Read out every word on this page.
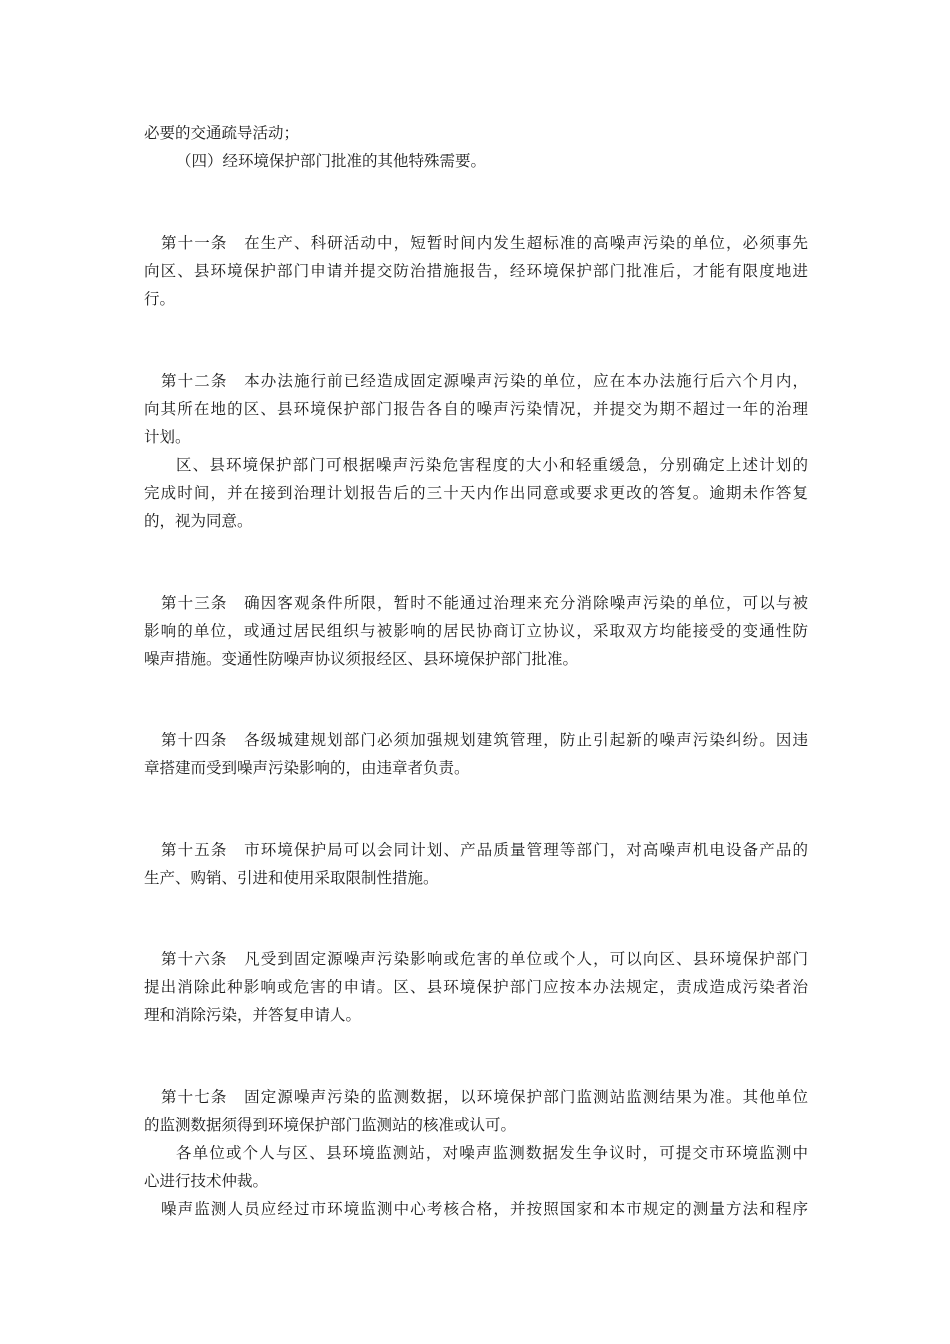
必要的交通疏导活动；
（四）经环境保护部门批准的其他特殊需要。
第十一条　在生产、科研活动中，短暂时间内发生超标准的高噪声污染的单位，必须事先
向区、县环境保护部门申请并提交防治措施报告，经环境保护部门批准后，才能有限度地进
行。
第十二条　本办法施行前已经造成固定源噪声污染的单位，应在本办法施行后六个月内，
向其所在地的区、县环境保护部门报告各自的噪声污染情况，并提交为期不超过一年的治理
计划。
区、县环境保护部门可根据噪声污染危害程度的大小和轻重缓急，分别确定上述计划的
完成时间，并在接到治理计划报告后的三十天内作出同意或要求更改的答复。逾期未作答复
的，视为同意。
第十三条　确因客观条件所限，暂时不能通过治理来充分消除噪声污染的单位，可以与被
影响的单位，或通过居民组织与被影响的居民协商订立协议，采取双方均能接受的变通性防
噪声措施。变通性防噪声协议须报经区、县环境保护部门批准。
第十四条　各级城建规划部门必须加强规划建筑管理，防止引起新的噪声污染纠纷。因违
章搭建而受到噪声污染影响的，由违章者负责。
第十五条　市环境保护局可以会同计划、产品质量管理等部门，对高噪声机电设备产品的
生产、购销、引进和使用采取限制性措施。
第十六条　凡受到固定源噪声污染影响或危害的单位或个人，可以向区、县环境保护部门
提出消除此种影响或危害的申请。区、县环境保护部门应按本办法规定，责成造成污染者治
理和消除污染，并答复申请人。
第十七条　固定源噪声污染的监测数据，以环境保护部门监测站监测结果为准。其他单位
的监测数据须得到环境保护部门监测站的核准或认可。
各单位或个人与区、县环境监测站，对噪声监测数据发生争议时，可提交市环境监测中
心进行技术仲裁。
噪声监测人员应经过市环境监测中心考核合格，并按照国家和本市规定的测量方法和程序
